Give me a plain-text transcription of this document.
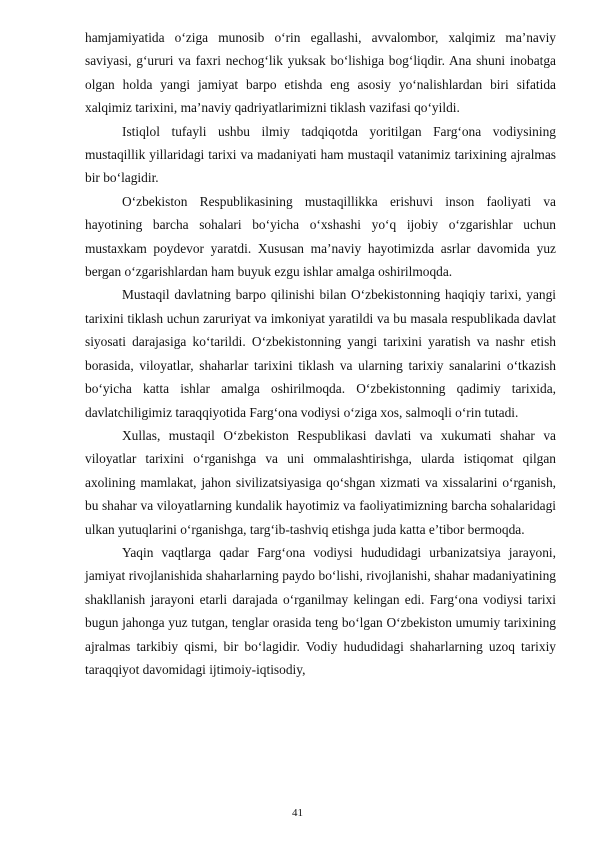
hamjamiyatida o‘ziga munosib o‘rin egallashi, avvalombor, xalqimiz ma’naviy saviyasi, g‘ururi va faxri nechog‘lik yuksak bo‘lishiga bog‘liqdir. Ana shuni inobatga olgan holda yangi jamiyat barpo etishda eng asosiy yo‘nalishlardan biri sifatida xalqimiz tarixini, ma’naviy qadriyatlarimizni tiklash vazifasi qo‘yildi.

Istiqlol tufayli ushbu ilmiy tadqiqotda yoritilgan Farg‘ona vodiysining mustaqillik yillaridagi tarixi va madaniyati ham mustaqil vatanimiz tarixining ajralmas bir bo‘lagidir.

O‘zbekiston Respublikasining mustaqillikka erishuvi inson faoliyati va hayotining barcha sohalari bo‘yicha o‘xshashi yo‘q ijobiy o‘zgarishlar uchun mustaxkam poydevor yaratdi. Xususan ma’naviy hayotimizda asrlar davomida yuz bergan o‘zgarishlardan ham buyuk ezgu ishlar amalga oshirilmoqda.

Mustaqil davlatning barpo qilinishi bilan O‘zbekistonning haqiqiy tarixi, yangi tarixini tiklash uchun zaruriyat va imkoniyat yaratildi va bu masala respublikada davlat siyosati darajasiga ko‘tarildi. O‘zbekistonning yangi tarixini yaratish va nashr etish borasida, viloyatlar, shaharlar tarixini tiklash va ularning tarixiy sanalarini o‘tkazish bo‘yicha katta ishlar amalga oshirilmoqda. O‘zbekistonning qadimiy tarixida, davlatchiligimiz taraqqiyotida Farg‘ona vodiysi o‘ziga xos, salmoqli o‘rin tutadi.

Xullas, mustaqil O‘zbekiston Respublikasi davlati va xukumati shahar va viloyatlar tarixini o‘rganishga va uni ommalashtirishga, ularda istiqomat qilgan axolining mamlakat, jahon sivilizatsiyasiga qo‘shgan xizmati va xissalarini o‘rganish, bu shahar va viloyatlarning kundalik hayotimiz va faoliyatimizning barcha sohalaridagi ulkan yutuqlarini o‘rganishga, targ‘ib-tashviq etishga juda katta e’tibor bermoqda.

Yaqin vaqtlarga qadar Farg‘ona vodiysi hududidagi urbanizatsiya jarayoni, jamiyat rivojlanishida shaharlarning paydo bo‘lishi, rivojlanishi, shahar madaniyatining shakllanish jarayoni etarli darajada o‘rganilmay kelingan edi. Farg‘ona vodiysi tarixi bugun jahonga yuz tutgan, tenglar orasida teng bo‘lgan O‘zbekiston umumiy tarixining ajralmas tarkibiy qismi, bir bo‘lagidir. Vodiy hududidagi shaharlarning uzoq tarixiy taraqqiyot davomidagi ijtimoiy-iqtisodiy,

41
